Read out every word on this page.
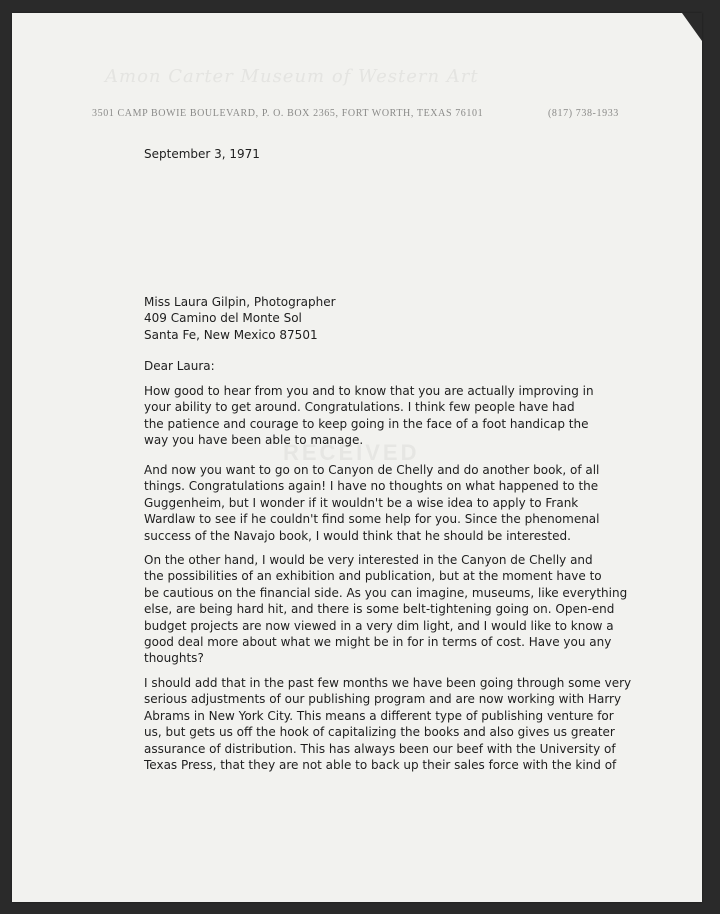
Amon Carter Museum of Western Art
3501 CAMP BOWIE BOULEVARD, P. O. BOX 2365, FORT WORTH, TEXAS 76101	(817) 738-1933
RECEIVED
September 3, 1971
Miss Laura Gilpin, Photographer
409 Camino del Monte Sol
Santa Fe, New Mexico 87501
Dear Laura:
How good to hear from you and to know that you are actually improving in
your ability to get around. Congratulations. I think few people have had
the patience and courage to keep going in the face of a foot handicap the
way you have been able to manage.
And now you want to go on to Canyon de Chelly and do another book, of all
things. Congratulations again! I have no thoughts on what happened to the
Guggenheim, but I wonder if it wouldn't be a wise idea to apply to Frank
Wardlaw to see if he couldn't find some help for you. Since the phenomenal
success of the Navajo book, I would think that he should be interested.
On the other hand, I would be very interested in the Canyon de Chelly and
the possibilities of an exhibition and publication, but at the moment have to
be cautious on the financial side. As you can imagine, museums, like everything
else, are being hard hit, and there is some belt-tightening going on. Open-end
budget projects are now viewed in a very dim light, and I would like to know a
good deal more about what we might be in for in terms of cost. Have you any
thoughts?
I should add that in the past few months we have been going through some very
serious adjustments of our publishing program and are now working with Harry
Abrams in New York City. This means a different type of publishing venture for
us, but gets us off the hook of capitalizing the books and also gives us greater
assurance of distribution. This has always been our beef with the University of
Texas Press, that they are not able to back up their sales force with the kind of
